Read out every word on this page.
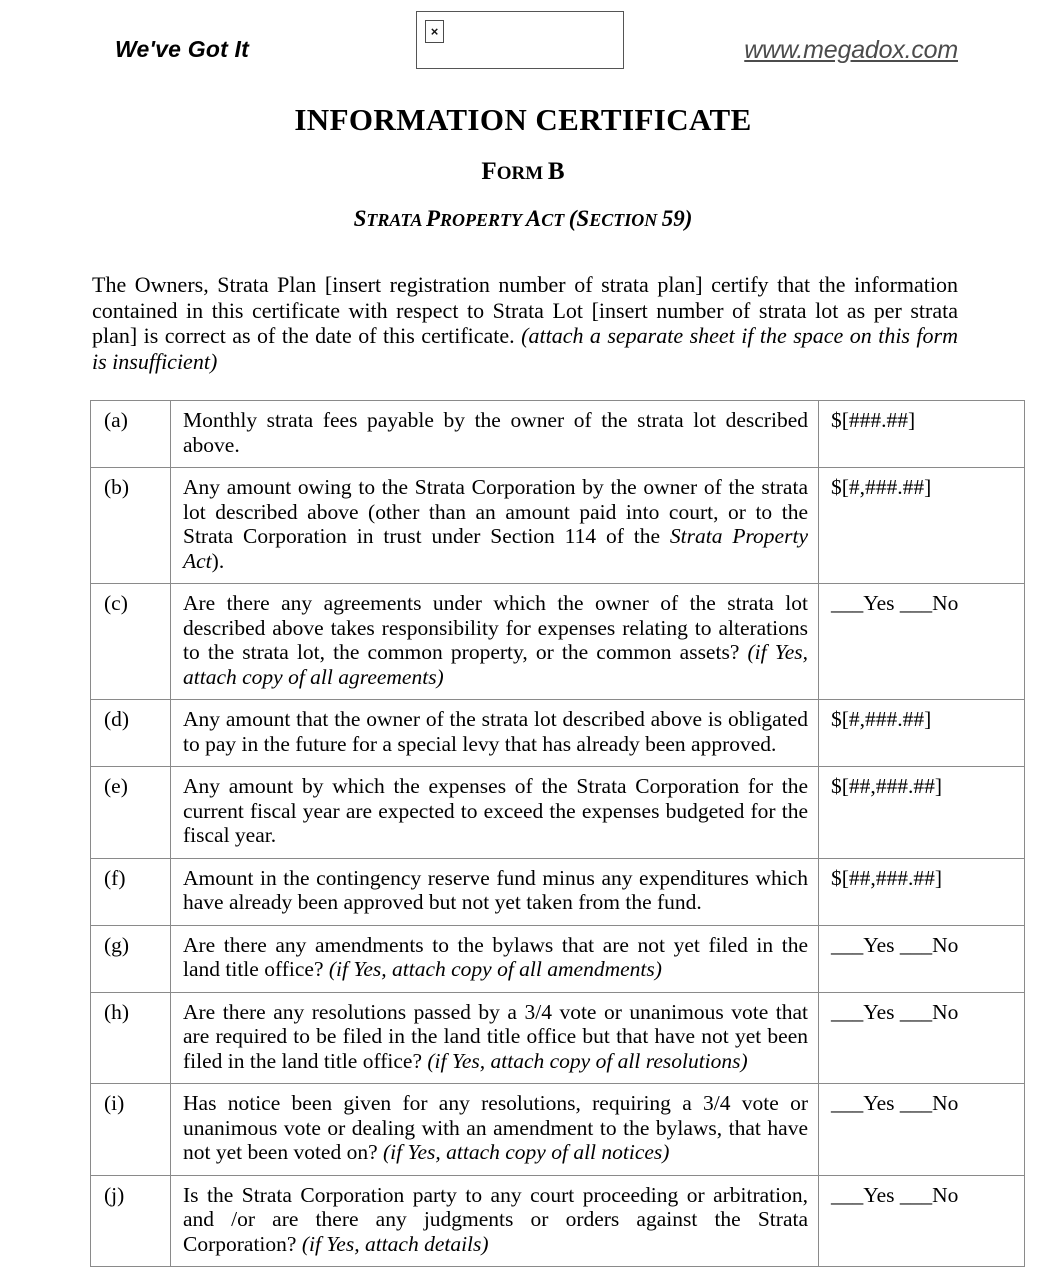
We've Got It
×
www.megadox.com
INFORMATION CERTIFICATE
FORM B
STRATA PROPERTY ACT (SECTION 59)
The Owners, Strata Plan [insert registration number of strata plan] certify that the information contained in this certificate with respect to Strata Lot [insert number of strata lot as per strata plan] is correct as of the date of this certificate. (attach a separate sheet if the space on this form is insufficient)
(a)	Monthly strata fees payable by the owner of the strata lot described above.	$[###.##]
(b)	Any amount owing to the Strata Corporation by the owner of the strata lot described above (other than an amount paid into court, or to the Strata Corporation in trust under Section 114 of the Strata Property Act).	$[#,###.##]
(c)	Are there any agreements under which the owner of the strata lot described above takes responsibility for expenses relating to alterations to the strata lot, the common property, or the common assets? (if Yes, attach copy of all agreements)	___Yes ___No
(d)	Any amount that the owner of the strata lot described above is obligated to pay in the future for a special levy that has already been approved.	$[#,###.##]
(e)	Any amount by which the expenses of the Strata Corporation for the current fiscal year are expected to exceed the expenses budgeted for the fiscal year.	$[##,###.##]
(f)	Amount in the contingency reserve fund minus any expenditures which have already been approved but not yet taken from the fund.	$[##,###.##]
(g)	Are there any amendments to the bylaws that are not yet filed in the land title office? (if Yes, attach copy of all amendments)	___Yes ___No
(h)	Are there any resolutions passed by a 3/4 vote or unanimous vote that are required to be filed in the land title office but that have not yet been filed in the land title office? (if Yes, attach copy of all resolutions)	___Yes ___No
(i)	Has notice been given for any resolutions, requiring a 3/4 vote or unanimous vote or dealing with an amendment to the bylaws, that have not yet been voted on? (if Yes, attach copy of all notices)	___Yes ___No
(j)	Is the Strata Corporation party to any court proceeding or arbitration, and /or are there any judgments or orders against the Strata Corporation? (if Yes, attach details)	___Yes ___No
